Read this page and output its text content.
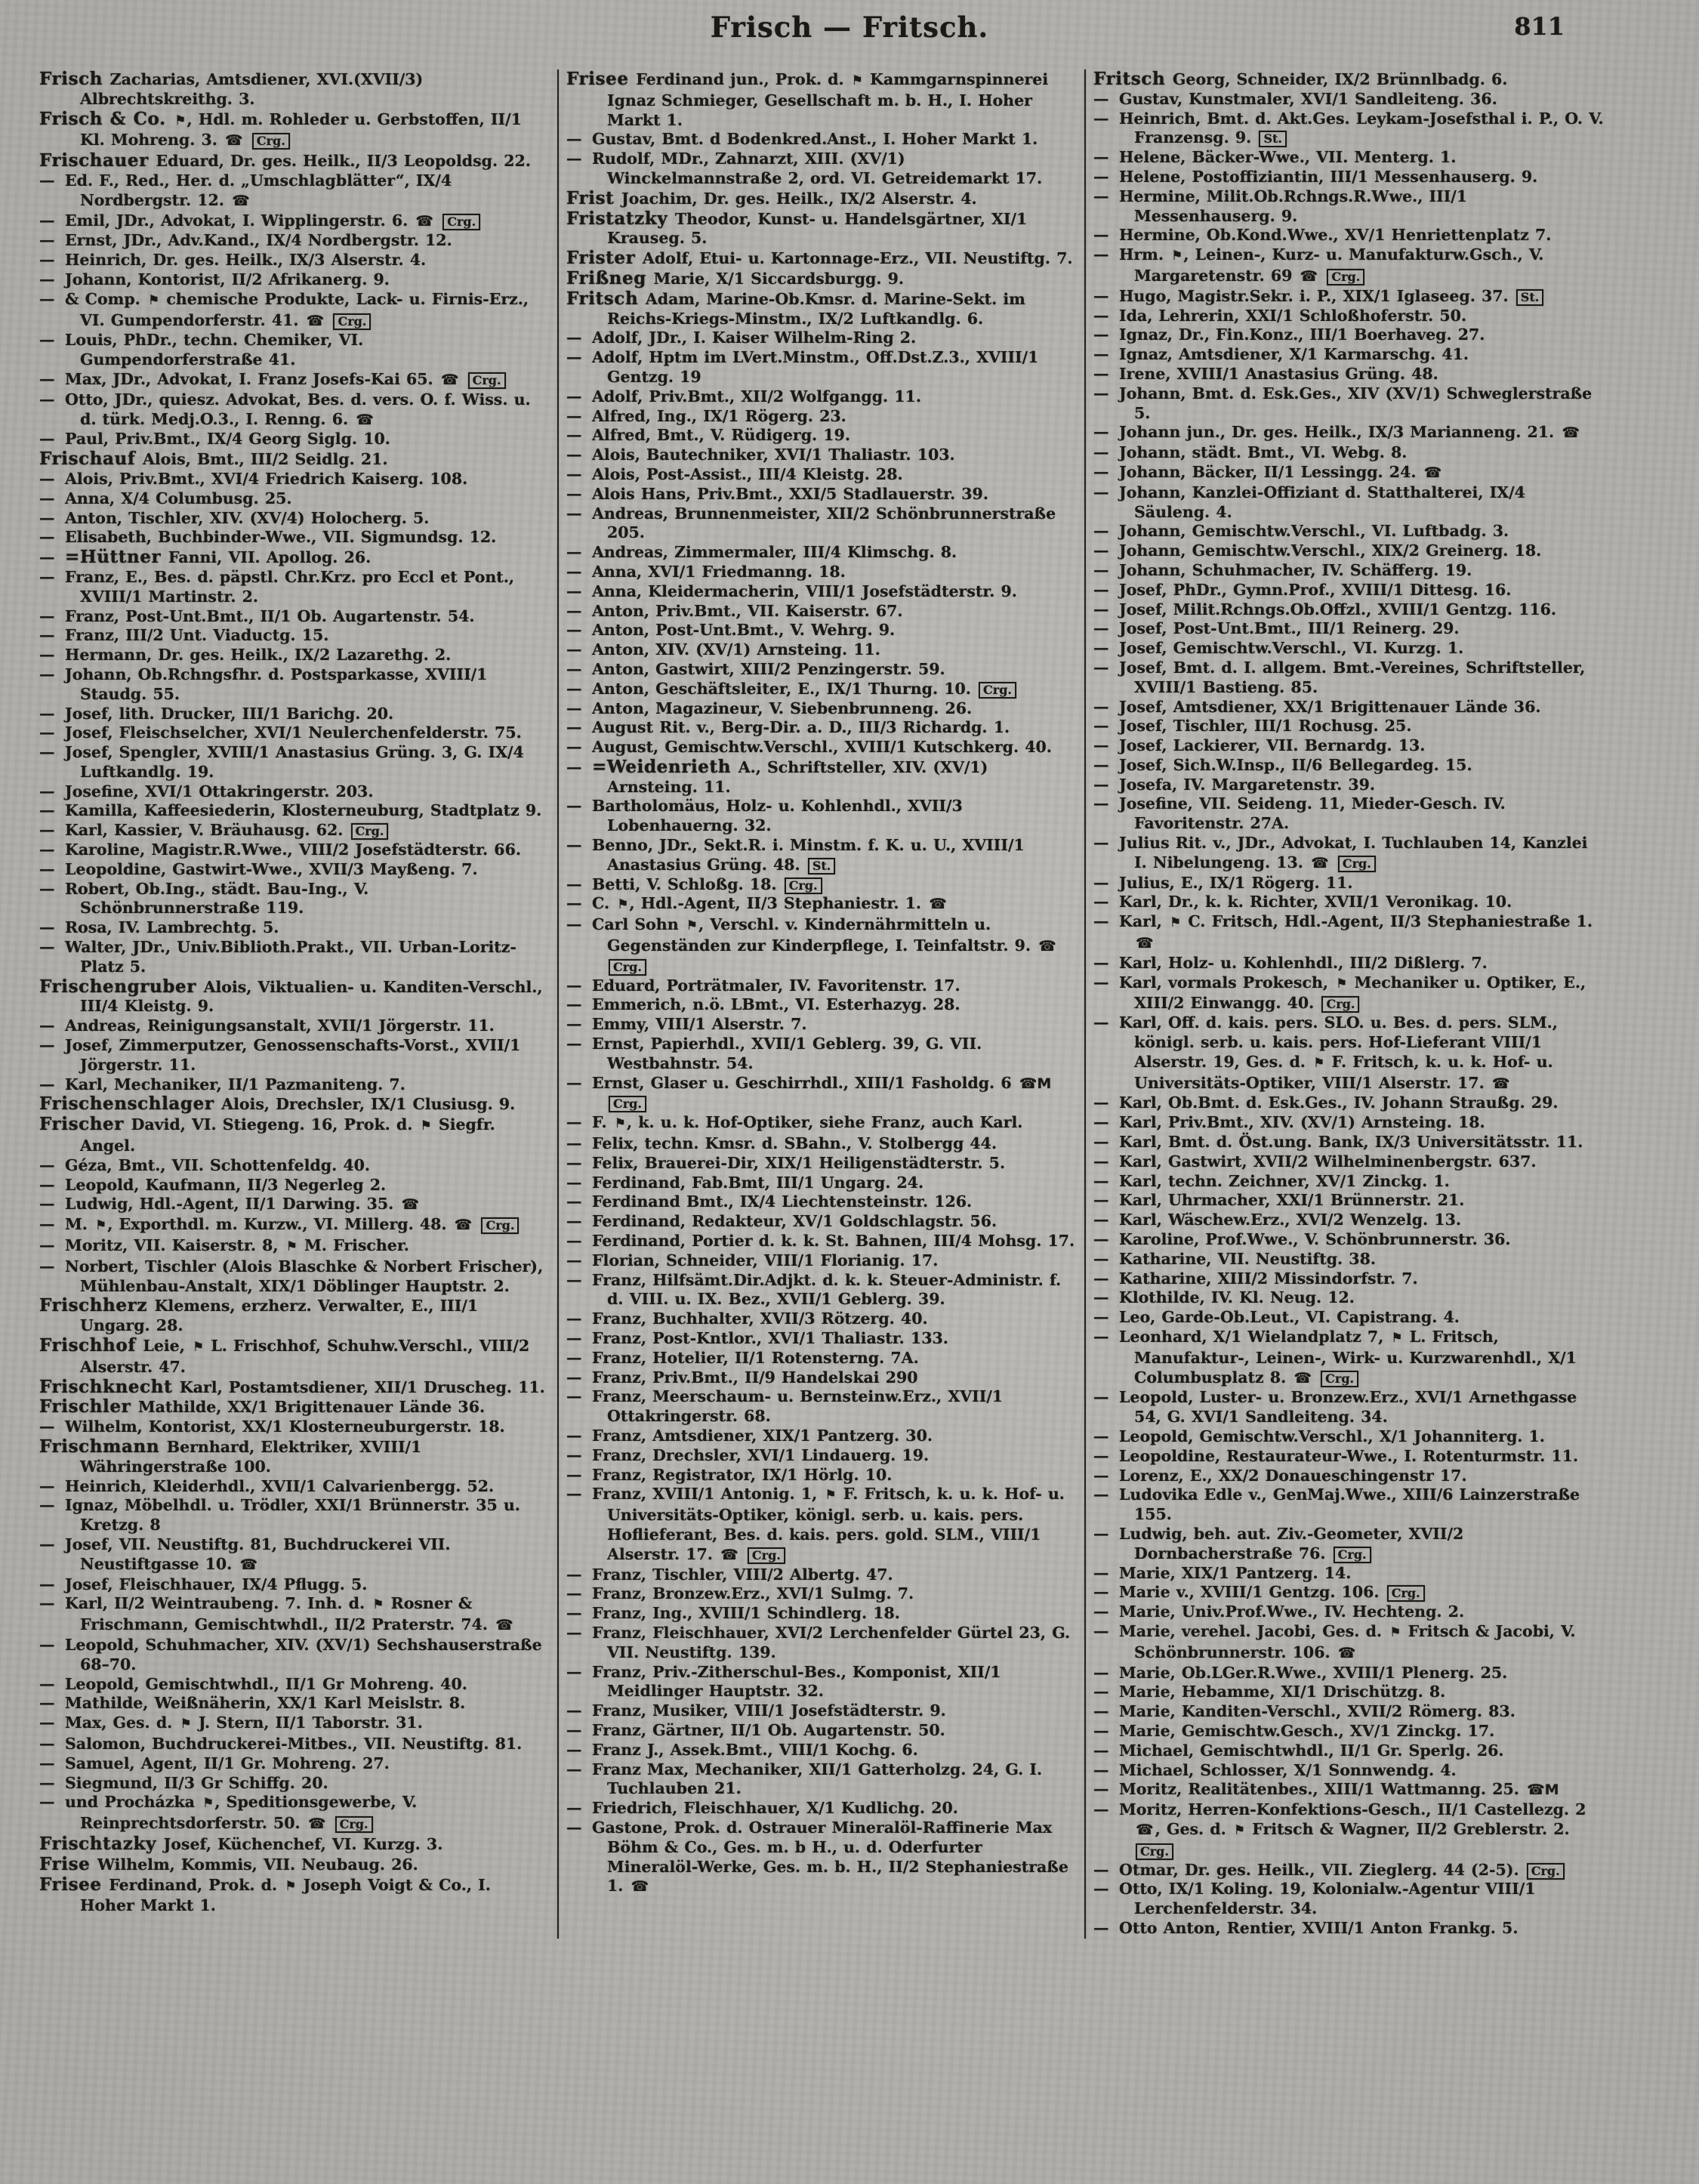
Frisch — Fritsch.	811

Frisch Zacharias, Amtsdiener, XVI.(XVII/3) Albrechtskreithg. 3.

Frisch & Co. ⚑, Hdl. m. Rohleder u. Gerbstoffen, II/1 Kl. Mohreng. 3. ☎ Crg.

Frischauer Eduard, Dr. ges. Heilk., II/3 Leopoldsg. 22.

— Ed. F., Red., Her. d. „Umschlagblätter“, IX/4 Nordbergstr. 12. ☎

— Emil, JDr., Advokat, I. Wipplingerstr. 6. ☎ Crg.

— Ernst, JDr., Adv.Kand., IX/4 Nordbergstr. 12.

— Heinrich, Dr. ges. Heilk., IX/3 Alserstr. 4.

— Johann, Kontorist, II/2 Afrikanerg. 9.

— & Comp. ⚑ chemische Produkte, Lack- u. Firnis-Erz., VI. Gumpendorferstr. 41. ☎ Crg.

— Louis, PhDr., techn. Chemiker, VI. Gumpendorferstraße 41.

— Max, JDr., Advokat, I. Franz Josefs-Kai 65. ☎ Crg.

— Otto, JDr., quiesz. Advokat, Bes. d. vers. O. f. Wiss. u. d. türk. Medj.O.3., I. Renng. 6. ☎

— Paul, Priv.Bmt., IX/4 Georg Siglg. 10.

Frischauf Alois, Bmt., III/2 Seidlg. 21.

— Alois, Priv.Bmt., XVI/4 Friedrich Kaiserg. 108.

— Anna, X/4 Columbusg. 25.

— Anton, Tischler, XIV. (XV/4) Holocherg. 5.

— Elisabeth, Buchbinder-Wwe., VII. Sigmundsg. 12.

— =Hüttner Fanni, VII. Apollog. 26.

— Franz, E., Bes. d. päpstl. Chr.Krz. pro Eccl et Pont., XVIII/1 Martinstr. 2.

— Franz, Post-Unt.Bmt., II/1 Ob. Augartenstr. 54.

— Franz, III/2 Unt. Viaductg. 15.

— Hermann, Dr. ges. Heilk., IX/2 Lazarethg. 2.

— Johann, Ob.Rchngsfhr. d. Postsparkasse, XVIII/1 Staudg. 55.

— Josef, lith. Drucker, III/1 Barichg. 20.

— Josef, Fleischselcher, XVI/1 Neulerchenfelderstr. 75.

— Josef, Spengler, XVIII/1 Anastasius Grüng. 3, G. IX/4 Luftkandlg. 19.

— Josefine, XVI/1 Ottakringerstr. 203.

— Kamilla, Kaffeesiederin, Klosterneuburg, Stadtplatz 9.

— Karl, Kassier, V. Bräuhausg. 62. Crg.

— Karoline, Magistr.R.Wwe., VIII/2 Josefstädterstr. 66.

— Leopoldine, Gastwirt-Wwe., XVII/3 Mayßeng. 7.

— Robert, Ob.Ing., städt. Bau-Ing., V. Schönbrunnerstraße 119.

— Rosa, IV. Lambrechtg. 5.

— Walter, JDr., Univ.Biblioth.Prakt., VII. Urban-Loritz-Platz 5.

Frischengruber Alois, Viktualien- u. Kanditen-Verschl., III/4 Kleistg. 9.

— Andreas, Reinigungsanstalt, XVII/1 Jörgerstr. 11.

— Josef, Zimmerputzer, Genossenschafts-Vorst., XVII/1 Jörgerstr. 11.

— Karl, Mechaniker, II/1 Pazmaniteng. 7.

Frischenschlager Alois, Drechsler, IX/1 Clusiusg. 9.

Frischer David, VI. Stiegeng. 16, Prok. d. ⚑ Siegfr. Angel.

— Géza, Bmt., VII. Schottenfeldg. 40.

— Leopold, Kaufmann, II/3 Negerleg 2.

— Ludwig, Hdl.-Agent, II/1 Darwing. 35. ☎

— M. ⚑, Exporthdl. m. Kurzw., VI. Millerg. 48. ☎ Crg.

— Moritz, VII. Kaiserstr. 8, ⚑ M. Frischer.

— Norbert, Tischler (Alois Blaschke & Norbert Frischer), Mühlenbau-Anstalt, XIX/1 Döblinger Hauptstr. 2.

Frischherz Klemens, erzherz. Verwalter, E., III/1 Ungarg. 28.

Frischhof Leie, ⚑ L. Frischhof, Schuhw.Verschl., VIII/2 Alserstr. 47.

Frischknecht Karl, Postamtsdiener, XII/1 Druscheg. 11.

Frischler Mathilde, XX/1 Brigittenauer Lände 36.

— Wilhelm, Kontorist, XX/1 Klosterneuburgerstr. 18.

Frischmann Bernhard, Elektriker, XVIII/1 Währingerstraße 100.

— Heinrich, Kleiderhdl., XVII/1 Calvarienbergg. 52.

— Ignaz, Möbelhdl. u. Trödler, XXI/1 Brünnerstr. 35 u. Kretzg. 8

— Josef, VII. Neustiftg. 81, Buchdruckerei VII. Neustiftgasse 10. ☎

— Josef, Fleischhauer, IX/4 Pflugg. 5.

— Karl, II/2 Weintraubeng. 7. Inh. d. ⚑ Rosner & Frischmann, Gemischtwhdl., II/2 Praterstr. 74. ☎

— Leopold, Schuhmacher, XIV. (XV/1) Sechshauserstraße 68–70.

— Leopold, Gemischtwhdl., II/1 Gr Mohreng. 40.

— Mathilde, Weißnäherin, XX/1 Karl Meislstr. 8.

— Max, Ges. d. ⚑ J. Stern, II/1 Taborstr. 31.

— Salomon, Buchdruckerei-Mitbes., VII. Neustiftg. 81.

— Samuel, Agent, II/1 Gr. Mohreng. 27.

— Siegmund, II/3 Gr Schiffg. 20.

— und Procházka ⚑, Speditionsgewerbe, V. Reinprechtsdorferstr. 50. ☎ Crg.

Frischtazky Josef, Küchenchef, VI. Kurzg. 3.

Frise Wilhelm, Kommis, VII. Neubaug. 26.

Frisee Ferdinand, Prok. d. ⚑ Joseph Voigt & Co., I. Hoher Markt 1.

Frisee Ferdinand jun., Prok. d. ⚑ Kammgarnspinnerei Ignaz Schmieger, Gesellschaft m. b. H., I. Hoher Markt 1.

— Gustav, Bmt. d Bodenkred.Anst., I. Hoher Markt 1.

— Rudolf, MDr., Zahnarzt, XIII. (XV/1) Winckelmannstraße 2, ord. VI. Getreidemarkt 17.

Frist Joachim, Dr. ges. Heilk., IX/2 Alserstr. 4.

Fristatzky Theodor, Kunst- u. Handelsgärtner, XI/1 Krauseg. 5.

Frister Adolf, Etui- u. Kartonnage-Erz., VII. Neustiftg. 7.

Frißneg Marie, X/1 Siccardsburgg. 9.

Fritsch Adam, Marine-Ob.Kmsr. d. Marine-Sekt. im Reichs-Kriegs-Minstm., IX/2 Luftkandlg. 6.

— Adolf, JDr., I. Kaiser Wilhelm-Ring 2.

— Adolf, Hptm im LVert.Minstm., Off.Dst.Z.3., XVIII/1 Gentzg. 19

— Adolf, Priv.Bmt., XII/2 Wolfgangg. 11.

— Alfred, Ing., IX/1 Rögerg. 23.

— Alfred, Bmt., V. Rüdigerg. 19.

— Alois, Bautechniker, XVI/1 Thaliastr. 103.

— Alois, Post-Assist., III/4 Kleistg. 28.

— Alois Hans, Priv.Bmt., XXI/5 Stadlauerstr. 39.

— Andreas, Brunnenmeister, XII/2 Schönbrunnerstraße 205.

— Andreas, Zimmermaler, III/4 Klimschg. 8.

— Anna, XVI/1 Friedmanng. 18.

— Anna, Kleidermacherin, VIII/1 Josefstädterstr. 9.

— Anton, Priv.Bmt., VII. Kaiserstr. 67.

— Anton, Post-Unt.Bmt., V. Wehrg. 9.

— Anton, XIV. (XV/1) Arnsteing. 11.

— Anton, Gastwirt, XIII/2 Penzingerstr. 59.

— Anton, Geschäftsleiter, E., IX/1 Thurng. 10. Crg.

— Anton, Magazineur, V. Siebenbrunneng. 26.

— August Rit. v., Berg-Dir. a. D., III/3 Richardg. 1.

— August, Gemischtw.Verschl., XVIII/1 Kutschkerg. 40.

— =Weidenrieth A., Schriftsteller, XIV. (XV/1) Arnsteing. 11.

— Bartholomäus, Holz- u. Kohlenhdl., XVII/3 Lobenhauerng. 32.

— Benno, JDr., Sekt.R. i. Minstm. f. K. u. U., XVIII/1 Anastasius Grüng. 48. St.

— Betti, V. Schloßg. 18. Crg.

— C. ⚑, Hdl.-Agent, II/3 Stephaniestr. 1. ☎

— Carl Sohn ⚑, Verschl. v. Kindernährmitteln u. Gegenständen zur Kinderpflege, I. Teinfaltstr. 9. ☎ Crg.

— Eduard, Porträtmaler, IV. Favoritenstr. 17.

— Emmerich, n.ö. LBmt., VI. Esterhazyg. 28.

— Emmy, VIII/1 Alserstr. 7.

— Ernst, Papierhdl., XVII/1 Geblerg. 39, G. VII. Westbahnstr. 54.

— Ernst, Glaser u. Geschirrhdl., XIII/1 Fasholdg. 6 ☎M Crg.

— F. ⚑, k. u. k. Hof-Optiker, siehe Franz, auch Karl.

— Felix, techn. Kmsr. d. SBahn., V. Stolbergg 44.

— Felix, Brauerei-Dir, XIX/1 Heiligenstädterstr. 5.

— Ferdinand, Fab.Bmt, III/1 Ungarg. 24.

— Ferdinand Bmt., IX/4 Liechtensteinstr. 126.

— Ferdinand, Redakteur, XV/1 Goldschlagstr. 56.

— Ferdinand, Portier d. k. k. St. Bahnen, III/4 Mohsg. 17.

— Florian, Schneider, VIII/1 Florianig. 17.

— Franz, Hilfsämt.Dir.Adjkt. d. k. k. Steuer-Administr. f. d. VIII. u. IX. Bez., XVII/1 Geblerg. 39.

— Franz, Buchhalter, XVII/3 Rötzerg. 40.

— Franz, Post-Kntlor., XVI/1 Thaliastr. 133.

— Franz, Hotelier, II/1 Rotensterng. 7A.

— Franz, Priv.Bmt., II/9 Handelskai 290

— Franz, Meerschaum- u. Bernsteinw.Erz., XVII/1 Ottakringerstr. 68.

— Franz, Amtsdiener, XIX/1 Pantzerg. 30.

— Franz, Drechsler, XVI/1 Lindauerg. 19.

— Franz, Registrator, IX/1 Hörlg. 10.

— Franz, XVIII/1 Antonig. 1, ⚑ F. Fritsch, k. u. k. Hof- u. Universitäts-Optiker, königl. serb. u. kais. pers. Hoflieferant, Bes. d. kais. pers. gold. SLM., VIII/1 Alserstr. 17. ☎ Crg.

— Franz, Tischler, VIII/2 Albertg. 47.

— Franz, Bronzew.Erz., XVI/1 Sulmg. 7.

— Franz, Ing., XVIII/1 Schindlerg. 18.

— Franz, Fleischhauer, XVI/2 Lerchenfelder Gürtel 23, G. VII. Neustiftg. 139.

— Franz, Priv.-Zitherschul-Bes., Komponist, XII/1 Meidlinger Hauptstr. 32.

— Franz, Musiker, VIII/1 Josefstädterstr. 9.

— Franz, Gärtner, II/1 Ob. Augartenstr. 50.

— Franz J., Assek.Bmt., VIII/1 Kochg. 6.

— Franz Max, Mechaniker, XII/1 Gatterholzg. 24, G. I. Tuchlauben 21.

— Friedrich, Fleischhauer, X/1 Kudlichg. 20.

— Gastone, Prok. d. Ostrauer Mineralöl-Raffinerie Max Böhm & Co., Ges. m. b H., u. d. Oderfurter Mineralöl-Werke, Ges. m. b. H., II/2 Stephaniestraße 1. ☎

Fritsch Georg, Schneider, IX/2 Brünnlbadg. 6.

— Gustav, Kunstmaler, XVI/1 Sandleiteng. 36.

— Heinrich, Bmt. d. Akt.Ges. Leykam-Josefsthal i. P., O. V. Franzensg. 9. St.

— Helene, Bäcker-Wwe., VII. Menterg. 1.

— Helene, Postoffiziantin, III/1 Messenhauserg. 9.

— Hermine, Milit.Ob.Rchngs.R.Wwe., III/1 Messenhauserg. 9.

— Hermine, Ob.Kond.Wwe., XV/1 Henriettenplatz 7.

— Hrm. ⚑, Leinen-, Kurz- u. Manufakturw.Gsch., V. Margaretenstr. 69 ☎ Crg.

— Hugo, Magistr.Sekr. i. P., XIX/1 Iglaseeg. 37. St.

— Ida, Lehrerin, XXI/1 Schloßhoferstr. 50.

— Ignaz, Dr., Fin.Konz., III/1 Boerhaveg. 27.

— Ignaz, Amtsdiener, X/1 Karmarschg. 41.

— Irene, XVIII/1 Anastasius Grüng. 48.

— Johann, Bmt. d. Esk.Ges., XIV (XV/1) Schweglerstraße 5.

— Johann jun., Dr. ges. Heilk., IX/3 Marianneng. 21. ☎

— Johann, städt. Bmt., VI. Webg. 8.

— Johann, Bäcker, II/1 Lessingg. 24. ☎

— Johann, Kanzlei-Offiziant d. Statthalterei, IX/4 Säuleng. 4.

— Johann, Gemischtw.Verschl., VI. Luftbadg. 3.

— Johann, Gemischtw.Verschl., XIX/2 Greinerg. 18.

— Johann, Schuhmacher, IV. Schäfferg. 19.

— Josef, PhDr., Gymn.Prof., XVIII/1 Dittesg. 16.

— Josef, Milit.Rchngs.Ob.Offzl., XVIII/1 Gentzg. 116.

— Josef, Post-Unt.Bmt., III/1 Reinerg. 29.

— Josef, Gemischtw.Verschl., VI. Kurzg. 1.

— Josef, Bmt. d. I. allgem. Bmt.-Vereines, Schriftsteller, XVIII/1 Bastieng. 85.

— Josef, Amtsdiener, XX/1 Brigittenauer Lände 36.

— Josef, Tischler, III/1 Rochusg. 25.

— Josef, Lackierer, VII. Bernardg. 13.

— Josef, Sich.W.Insp., II/6 Bellegardeg. 15.

— Josefa, IV. Margaretenstr. 39.

— Josefine, VII. Seideng. 11, Mieder-Gesch. IV. Favoritenstr. 27A.

— Julius Rit. v., JDr., Advokat, I. Tuchlauben 14, Kanzlei I. Nibelungeng. 13. ☎ Crg.

— Julius, E., IX/1 Rögerg. 11.

— Karl, Dr., k. k. Richter, XVII/1 Veronikag. 10.

— Karl, ⚑ C. Fritsch, Hdl.-Agent, II/3 Stephaniestraße 1. ☎

— Karl, Holz- u. Kohlenhdl., III/2 Dißlerg. 7.

— Karl, vormals Prokesch, ⚑ Mechaniker u. Optiker, E., XIII/2 Einwangg. 40. Crg.

— Karl, Off. d. kais. pers. SLO. u. Bes. d. pers. SLM., königl. serb. u. kais. pers. Hof-Lieferant VIII/1 Alserstr. 19, Ges. d. ⚑ F. Fritsch, k. u. k. Hof- u. Universitäts-Optiker, VIII/1 Alserstr. 17. ☎

— Karl, Ob.Bmt. d. Esk.Ges., IV. Johann Straußg. 29.

— Karl, Priv.Bmt., XIV. (XV/1) Arnsteing. 18.

— Karl, Bmt. d. Öst.ung. Bank, IX/3 Universitätsstr. 11.

— Karl, Gastwirt, XVII/2 Wilhelminenbergstr. 637.

— Karl, techn. Zeichner, XV/1 Zinckg. 1.

— Karl, Uhrmacher, XXI/1 Brünnerstr. 21.

— Karl, Wäschew.Erz., XVI/2 Wenzelg. 13.

— Karoline, Prof.Wwe., V. Schönbrunnerstr. 36.

— Katharine, VII. Neustiftg. 38.

— Katharine, XIII/2 Missindorfstr. 7.

— Klothilde, IV. Kl. Neug. 12.

— Leo, Garde-Ob.Leut., VI. Capistrang. 4.

— Leonhard, X/1 Wielandplatz 7, ⚑ L. Fritsch, Manufaktur-, Leinen-, Wirk- u. Kurzwarenhdl., X/1 Columbusplatz 8. ☎ Crg.

— Leopold, Luster- u. Bronzew.Erz., XVI/1 Arnethgasse 54, G. XVI/1 Sandleiteng. 34.

— Leopold, Gemischtw.Verschl., X/1 Johanniterg. 1.

— Leopoldine, Restaurateur-Wwe., I. Rotenturmstr. 11.

— Lorenz, E., XX/2 Donaueschingenstr 17.

— Ludovika Edle v., GenMaj.Wwe., XIII/6 Lainzerstraße 155.

— Ludwig, beh. aut. Ziv.-Geometer, XVII/2 Dornbacherstraße 76. Crg.

— Marie, XIX/1 Pantzerg. 14.

— Marie v., XVIII/1 Gentzg. 106. Crg.

— Marie, Univ.Prof.Wwe., IV. Hechteng. 2.

— Marie, verehel. Jacobi, Ges. d. ⚑ Fritsch & Jacobi, V. Schönbrunnerstr. 106. ☎

— Marie, Ob.LGer.R.Wwe., XVIII/1 Plenerg. 25.

— Marie, Hebamme, XI/1 Drischützg. 8.

— Marie, Kanditen-Verschl., XVII/2 Römerg. 83.

— Marie, Gemischtw.Gesch., XV/1 Zinckg. 17.

— Michael, Gemischtwhdl., II/1 Gr. Sperlg. 26.

— Michael, Schlosser, X/1 Sonnwendg. 4.

— Moritz, Realitätenbes., XIII/1 Wattmanng. 25. ☎M

— Moritz, Herren-Konfektions-Gesch., II/1 Castellezg. 2 ☎, Ges. d. ⚑ Fritsch & Wagner, II/2 Greblerstr. 2. Crg.

— Otmar, Dr. ges. Heilk., VII. Zieglerg. 44 (2-5). Crg.

— Otto, IX/1 Koling. 19, Kolonialw.-Agentur VIII/1 Lerchenfelderstr. 34.

— Otto Anton, Rentier, XVIII/1 Anton Frankg. 5.
